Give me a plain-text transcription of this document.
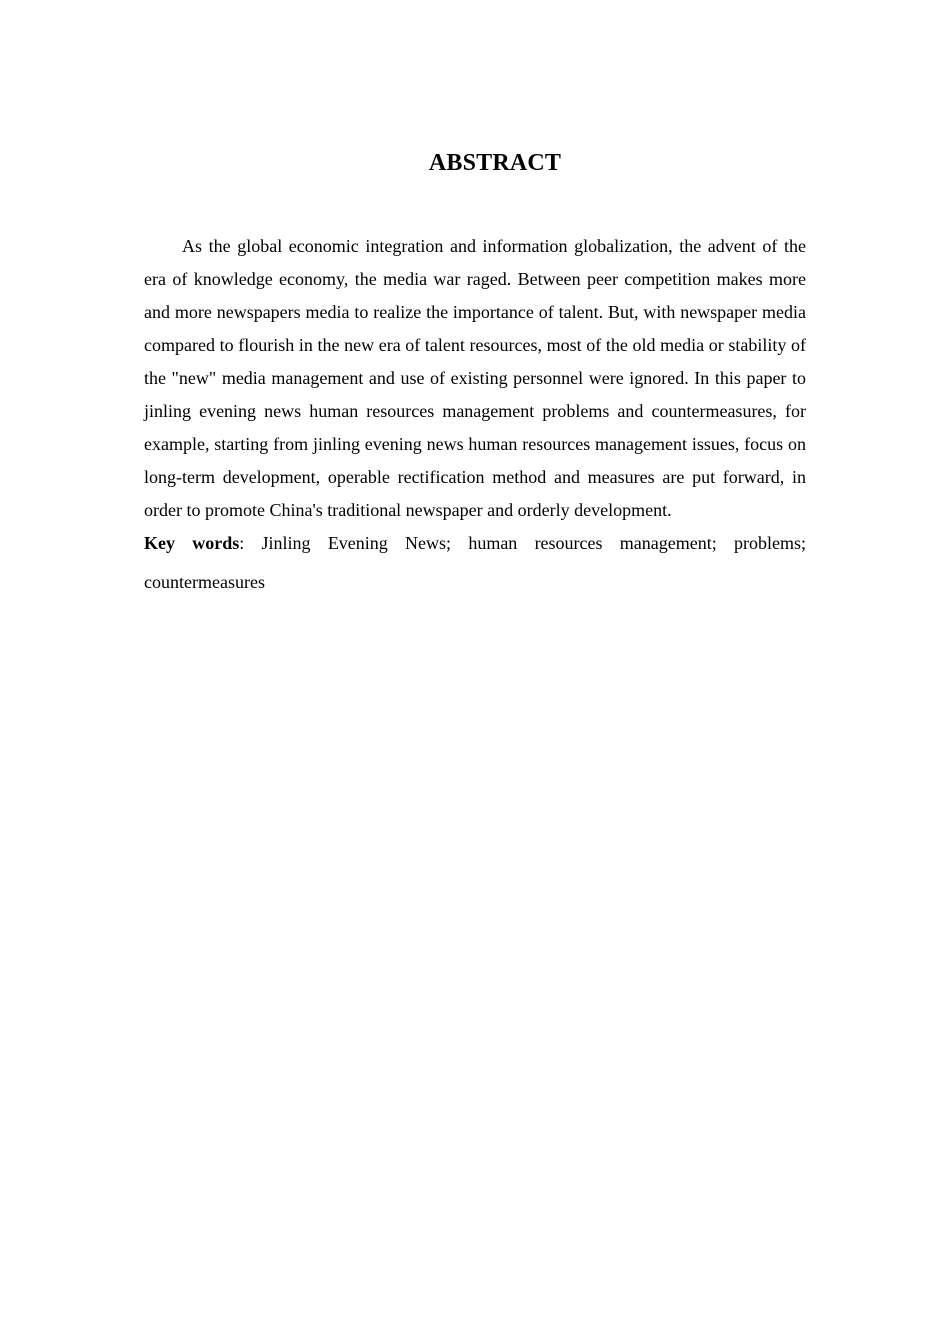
ABSTRACT

As the global economic integration and information globalization, the advent of the era of knowledge economy, the media war raged. Between peer competition makes more and more newspapers media to realize the importance of talent. But, with newspaper media compared to flourish in the new era of talent resources, most of the old media or stability of the "new" media management and use of existing personnel were ignored. In this paper to jinling evening news human resources management problems and countermeasures, for example, starting from jinling evening news human resources management issues, focus on long-term development, operable rectification method and measures are put forward, in order to promote China's traditional newspaper and orderly development.

Key words: Jinling Evening News; human resources management; problems;

countermeasures
